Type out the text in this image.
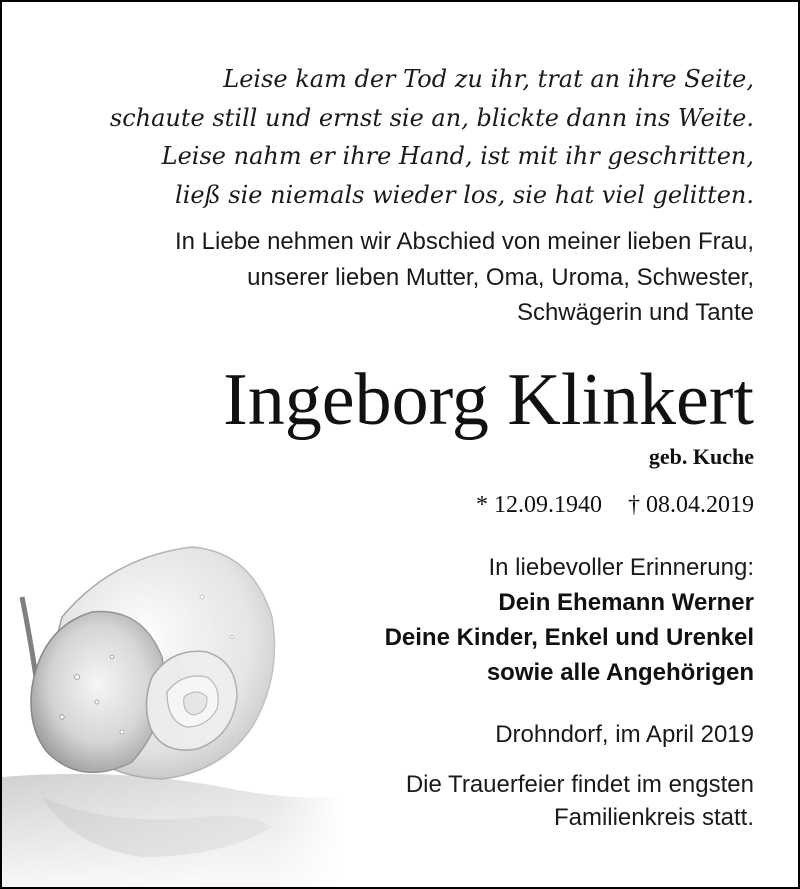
Leise kam der Tod zu ihr, trat an ihre Seite,
schaute still und ernst sie an, blickte dann ins Weite.
Leise nahm er ihre Hand, ist mit ihr geschritten,
ließ sie niemals wieder los, sie hat viel gelitten.
In Liebe nehmen wir Abschied von meiner lieben Frau,
unserer lieben Mutter, Oma, Uroma, Schwester,
Schwägerin und Tante
Ingeborg Klinkert
geb. Kuche
* 12.09.1940 † 08.04.2019
In liebevoller Erinnerung:
Dein Ehemann Werner
Deine Kinder, Enkel und Urenkel
sowie alle Angehörigen
Drohndorf, im April 2019
Die Trauerfeier findet im engsten
Familienkreis statt.
